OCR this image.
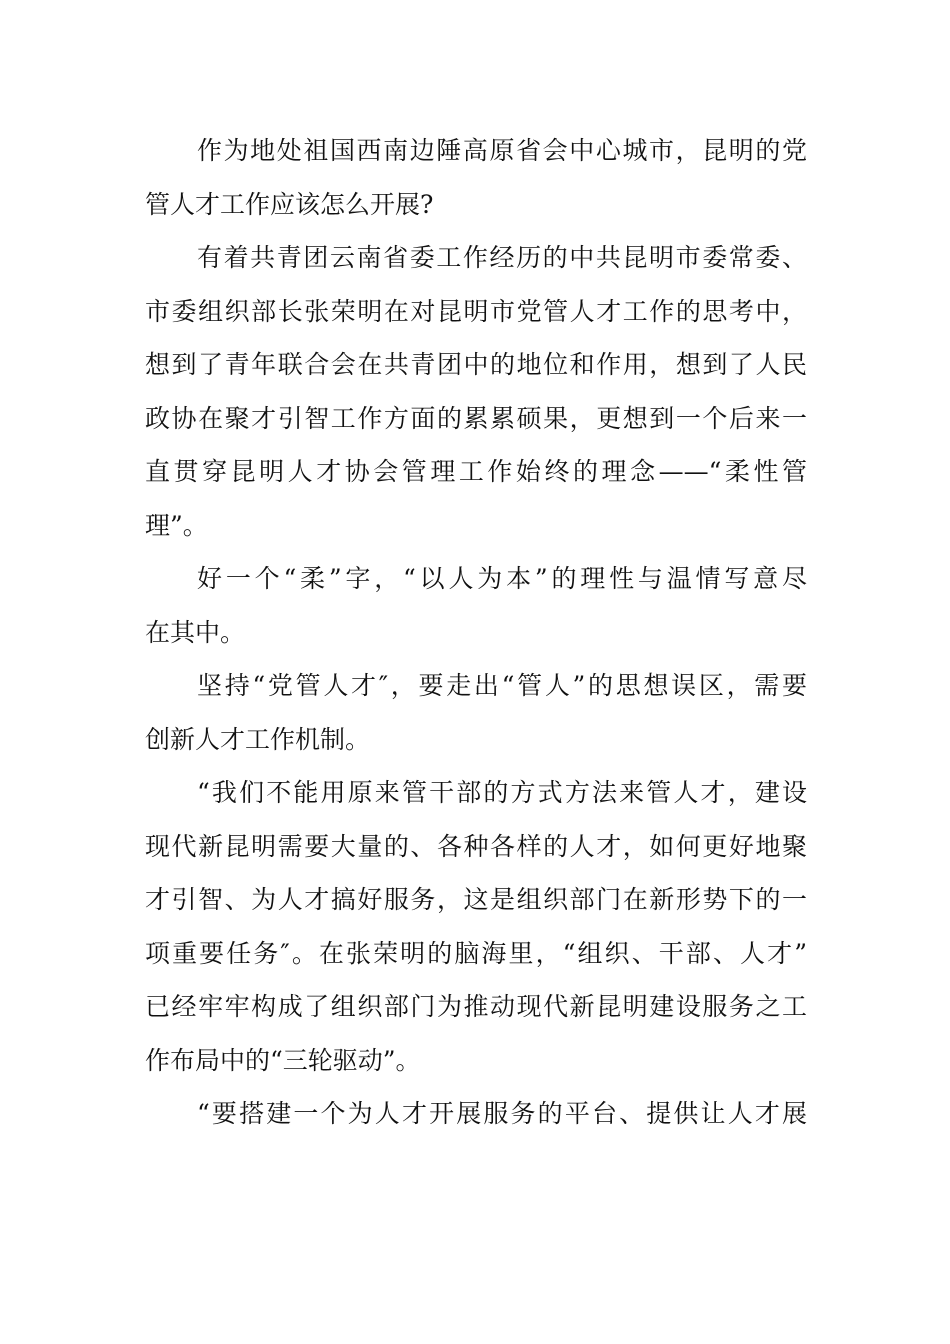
作为地处祖国西南边陲高原省会中心城市，昆明的党
管人才工作应该怎么开展?
有着共青团云南省委工作经历的中共昆明市委常委、
市委组织部长张荣明在对昆明市党管人才工作的思考中，
想到了青年联合会在共青团中的地位和作用，想到了人民
政协在聚才引智工作方面的累累硕果，更想到一个后来一
直贯穿昆明人才协会管理工作始终的理念——“柔性管
理”。
好一个“柔”字，“以人为本”的理性与温情写意尽
在其中。
坚持“党管人才″，要走出“管人”的思想误区，需要
创新人才工作机制。
“我们不能用原来管干部的方式方法来管人才，建设
现代新昆明需要大量的、各种各样的人才，如何更好地聚
才引智、为人才搞好服务，这是组织部门在新形势下的一
项重要任务″。在张荣明的脑海里，“组织、干部、人才”
已经牢牢构成了组织部门为推动现代新昆明建设服务之工
作布局中的“三轮驱动”。
“要搭建一个为人才开展服务的平台、提供让人才展
